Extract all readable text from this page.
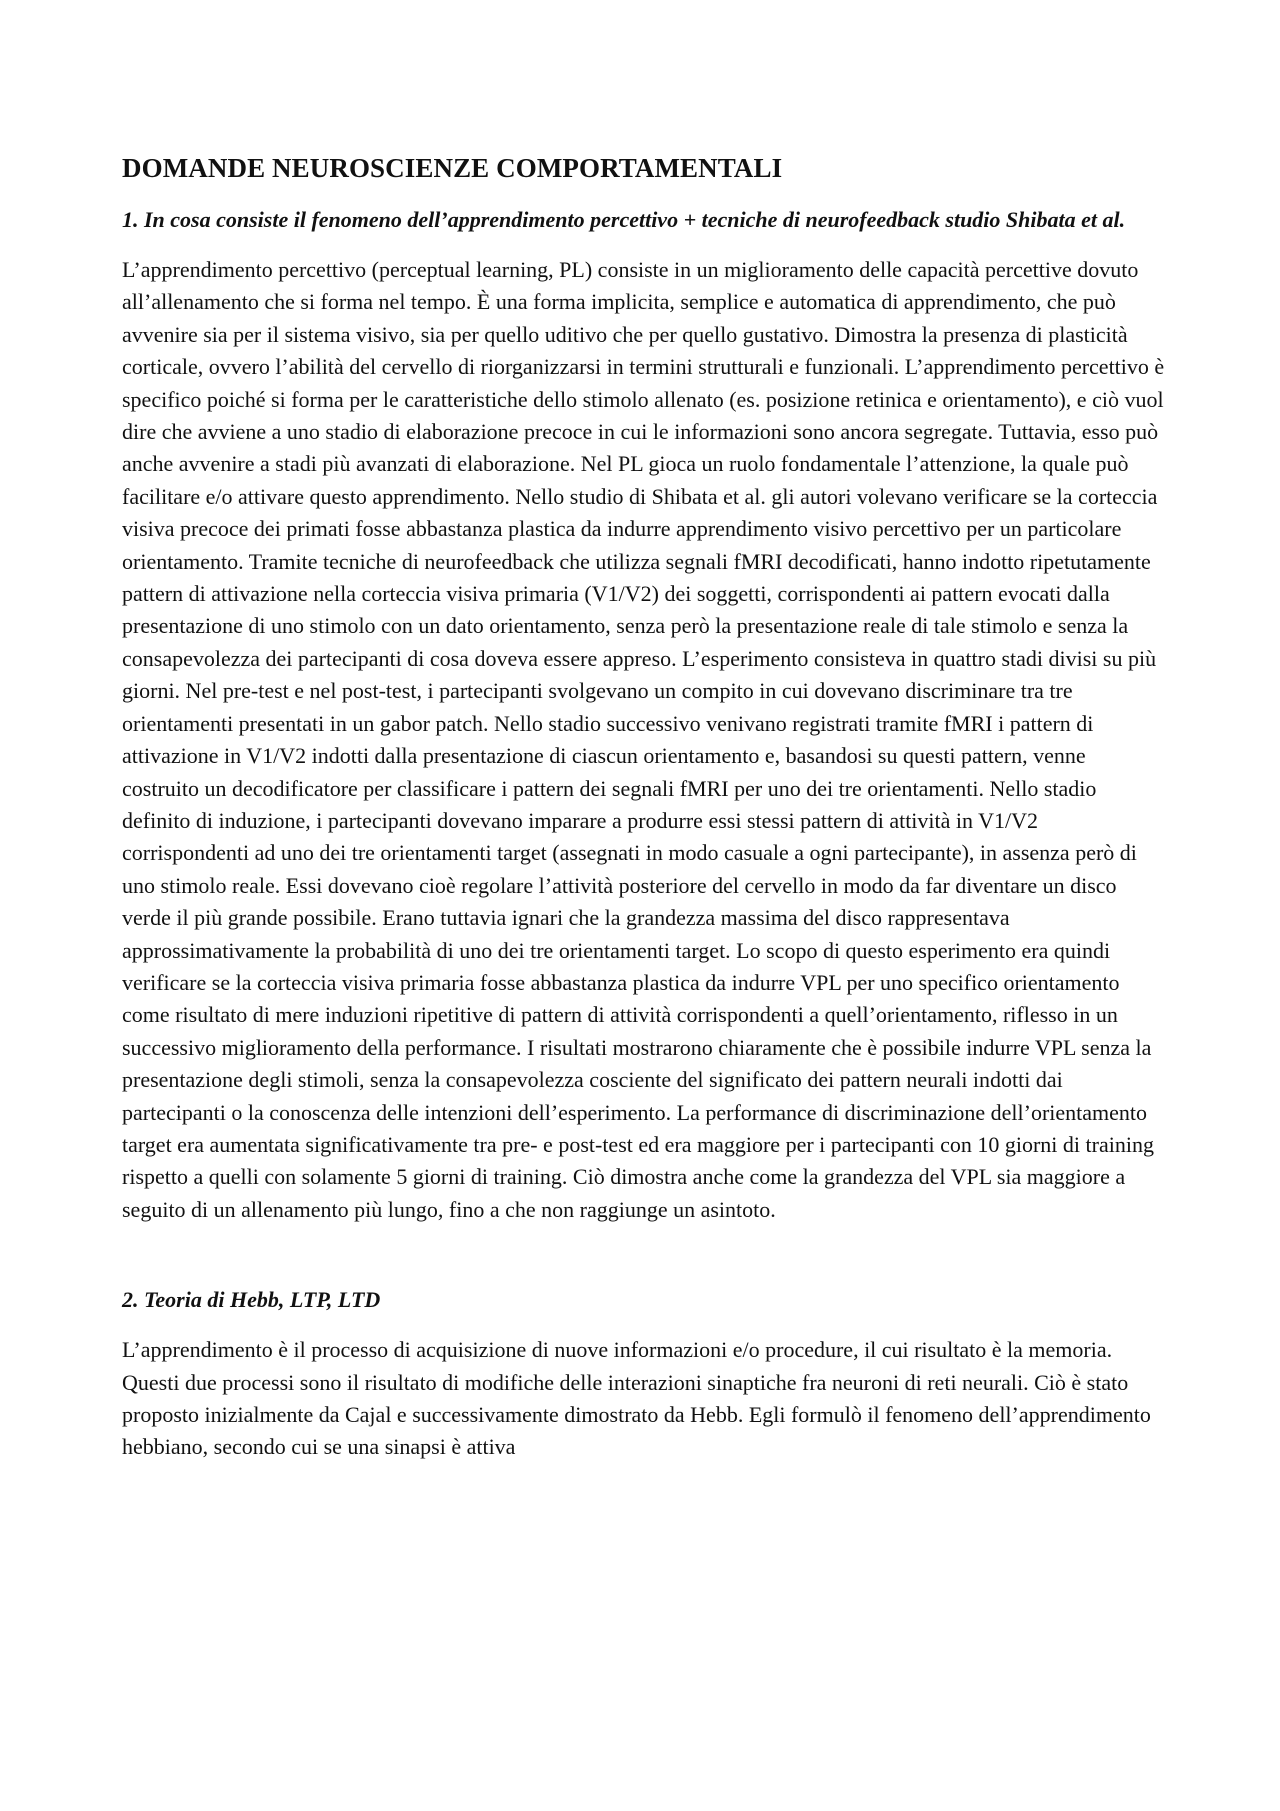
DOMANDE NEUROSCIENZE COMPORTAMENTALI
1. In cosa consiste il fenomeno dell’apprendimento percettivo + tecniche di neurofeedback studio Shibata et al.

L’apprendimento percettivo (perceptual learning, PL) consiste in un miglioramento delle capacità percettive dovuto all’allenamento che si forma nel tempo. È una forma implicita, semplice e automatica di apprendimento, che può avvenire sia per il sistema visivo, sia per quello uditivo che per quello gustativo. Dimostra la presenza di plasticità corticale, ovvero l’abilità del cervello di riorganizzarsi in termini strutturali e funzionali. L’apprendimento percettivo è specifico poiché si forma per le caratteristiche dello stimolo allenato (es. posizione retinica e orientamento), e ciò vuol dire che avviene a uno stadio di elaborazione precoce in cui le informazioni sono ancora segregate. Tuttavia, esso può anche avvenire a stadi più avanzati di elaborazione. Nel PL gioca un ruolo fondamentale l’attenzione, la quale può facilitare e/o attivare questo apprendimento. Nello studio di Shibata et al. gli autori volevano verificare se la corteccia visiva precoce dei primati fosse abbastanza plastica da indurre apprendimento visivo percettivo per un particolare orientamento. Tramite tecniche di neurofeedback che utilizza segnali fMRI decodificati, hanno indotto ripetutamente pattern di attivazione nella corteccia visiva primaria (V1/V2) dei soggetti, corrispondenti ai pattern evocati dalla presentazione di uno stimolo con un dato orientamento, senza però la presentazione reale di tale stimolo e senza la consapevolezza dei partecipanti di cosa doveva essere appreso. L’esperimento consisteva in quattro stadi divisi su più giorni. Nel pre-test e nel post-test, i partecipanti svolgevano un compito in cui dovevano discriminare tra tre orientamenti presentati in un gabor patch. Nello stadio successivo venivano registrati tramite fMRI i pattern di attivazione in V1/V2 indotti dalla presentazione di ciascun orientamento e, basandosi su questi pattern, venne costruito un decodificatore per classificare i pattern dei segnali fMRI per uno dei tre orientamenti. Nello stadio definito di induzione, i partecipanti dovevano imparare a produrre essi stessi pattern di attività in V1/V2 corrispondenti ad uno dei tre orientamenti target (assegnati in modo casuale a ogni partecipante), in assenza però di uno stimolo reale. Essi dovevano cioè regolare l’attività posteriore del cervello in modo da far diventare un disco verde il più grande possibile. Erano tuttavia ignari che la grandezza massima del disco rappresentava approssimativamente la probabilità di uno dei tre orientamenti target. Lo scopo di questo esperimento era quindi verificare se la corteccia visiva primaria fosse abbastanza plastica da indurre VPL per uno specifico orientamento come risultato di mere induzioni ripetitive di pattern di attività corrispondenti a quell’orientamento, riflesso in un successivo miglioramento della performance. I risultati mostrarono chiaramente che è possibile indurre VPL senza la presentazione degli stimoli, senza la consapevolezza cosciente del significato dei pattern neurali indotti dai partecipanti o la conoscenza delle intenzioni dell’esperimento. La performance di discriminazione dell’orientamento target era aumentata significativamente tra pre- e post-test ed era maggiore per i partecipanti con 10 giorni di training rispetto a quelli con solamente 5 giorni di training. Ciò dimostra anche come la grandezza del VPL sia maggiore a seguito di un allenamento più lungo, fino a che non raggiunge un asintoto.

2. Teoria di Hebb, LTP, LTD

L’apprendimento è il processo di acquisizione di nuove informazioni e/o procedure, il cui risultato è la memoria. Questi due processi sono il risultato di modifiche delle interazioni sinaptiche fra neuroni di reti neurali. Ciò è stato proposto inizialmente da Cajal e successivamente dimostrato da Hebb. Egli formulò il fenomeno dell’apprendimento hebbiano, secondo cui se una sinapsi è attiva
